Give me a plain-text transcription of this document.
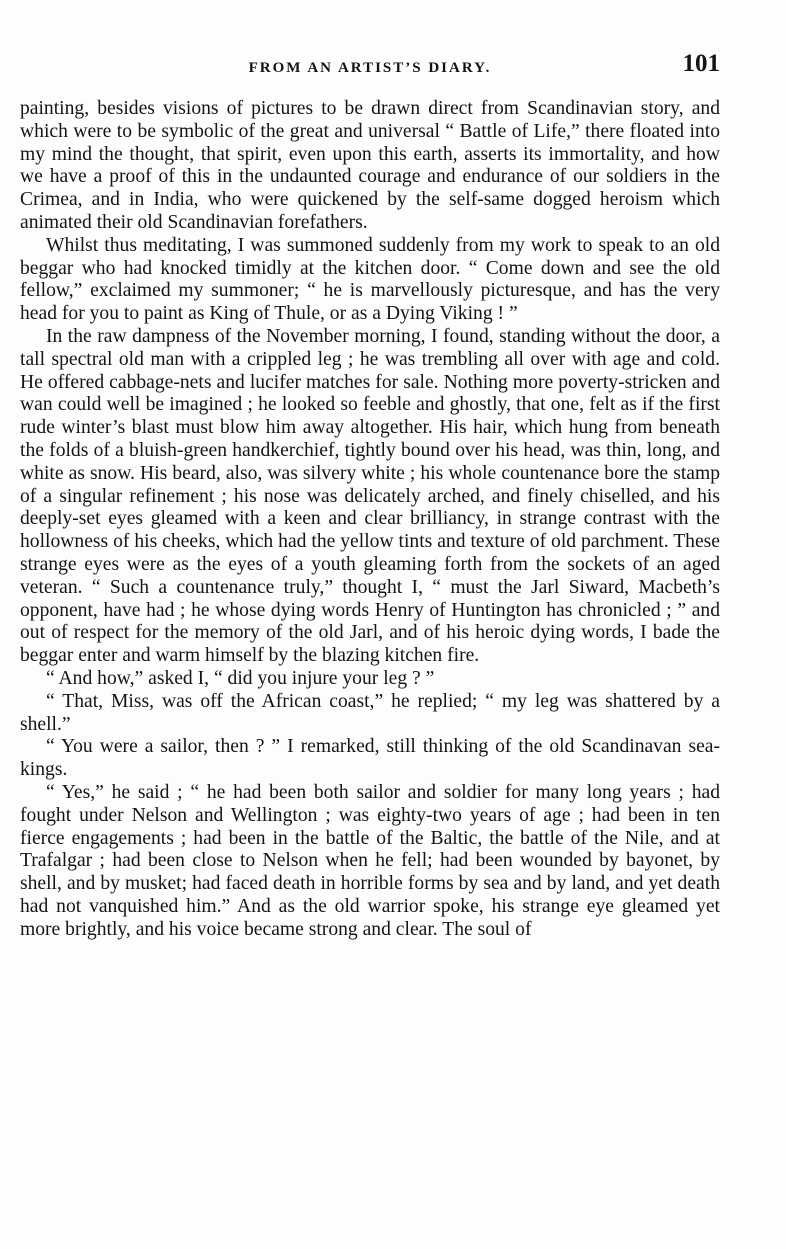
FROM AN ARTIST’S DIARY.	101

painting, besides visions of pictures to be drawn direct from Scandinavian story, and which were to be symbolic of the great and universal “ Battle of Life,” there floated into my mind the thought, that spirit, even upon this earth, asserts its immortality, and how we have a proof of this in the undaunted courage and endurance of our soldiers in the Crimea, and in India, who were quickened by the self-same dogged heroism which animated their old Scandinavian forefathers.

Whilst thus meditating, I was summoned suddenly from my work to speak to an old beggar who had knocked timidly at the kitchen door. “ Come down and see the old fellow,” exclaimed my summoner; “ he is marvellously picturesque, and has the very head for you to paint as King of Thule, or as a Dying Viking ! ”

In the raw dampness of the November morning, I found, standing without the door, a tall spectral old man with a crippled leg ; he was trembling all over with age and cold. He offered cabbage-nets and lucifer matches for sale. Nothing more poverty-stricken and wan could well be imagined ; he looked so feeble and ghostly, that one, felt as if the first rude winter’s blast must blow him away altogether. His hair, which hung from beneath the folds of a bluish-green handkerchief, tightly bound over his head, was thin, long, and white as snow. His beard, also, was silvery white ; his whole countenance bore the stamp of a singular refinement ; his nose was delicately arched, and finely chiselled, and his deeply-set eyes gleamed with a keen and clear brilliancy, in strange contrast with the hollowness of his cheeks, which had the yellow tints and texture of old parchment. These strange eyes were as the eyes of a youth gleaming forth from the sockets of an aged veteran. “ Such a countenance truly,” thought I, “ must the Jarl Siward, Macbeth’s opponent, have had ; he whose dying words Henry of Huntington has chronicled ; ” and out of respect for the memory of the old Jarl, and of his heroic dying words, I bade the beggar enter and warm himself by the blazing kitchen fire.

“ And how,” asked I, “ did you injure your leg ? ”

“ That, Miss, was off the African coast,” he replied; “ my leg was shattered by a shell.”

“ You were a sailor, then ? ” I remarked, still thinking of the old Scandinavan sea-kings.

“ Yes,” he said ; “ he had been both sailor and soldier for many long years ; had fought under Nelson and Wellington ; was eighty-two years of age ; had been in ten fierce engagements ; had been in the battle of the Baltic, the battle of the Nile, and at Trafalgar ; had been close to Nelson when he fell; had been wounded by bayonet, by shell, and by musket; had faced death in horrible forms by sea and by land, and yet death had not vanquished him.” And as the old warrior spoke, his strange eye gleamed yet more brightly, and his voice became strong and clear. The soul of
